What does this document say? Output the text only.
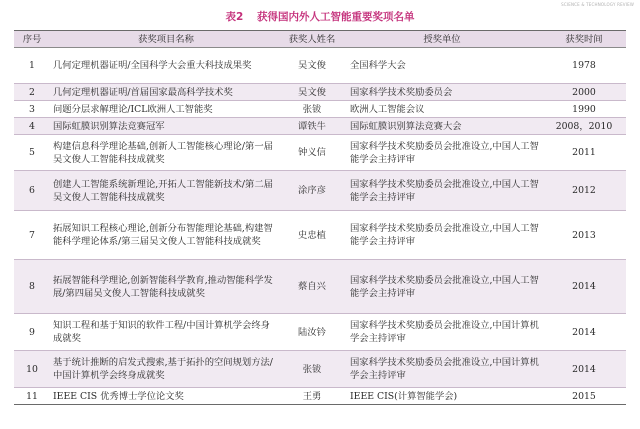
SCIENCE & TECHNOLOGY REVIEW
表2 获得国内外人工智能重要奖项名单
序号	获奖项目名称	获奖人姓名	授奖单位	获奖时间
1	几何定理机器证明/全国科学大会重大科技成果奖	吴文俊	全国科学大会	1978
2	几何定理机器证明/首届国家最高科学技术奖	吴文俊	国家科学技术奖励委员会	2000
3	问题分层求解理论/ICL欧洲人工智能奖	张钹	欧洲人工智能会议	1990
4	国际虹膜识别算法竞赛冠军	谭铁牛	国际虹膜识别算法竞赛大会	2008，2010
5	构建信息科学理论基础,创新人工智能核心理论/第一届吴文俊人工智能科技成就奖	钟义信	国家科学技术奖励委员会批准设立,中国人工智能学会主持评审	2011
6	创建人工智能系统新理论,开拓人工智能新技术/第二届吴文俊人工智能科技成就奖	涂序彦	国家科学技术奖励委员会批准设立,中国人工智能学会主持评审	2012
7	拓展知识工程核心理论,创新分布智能理论基础,构建智能科学理论体系/第三届吴文俊人工智能科技成就奖	史忠植	国家科学技术奖励委员会批准设立,中国人工智能学会主持评审	2013
8	拓展智能科学理论,创新智能科学教育,推动智能科学发展/第四届吴文俊人工智能科技成就奖	蔡自兴	国家科学技术奖励委员会批准设立,中国人工智能学会主持评审	2014
9	知识工程和基于知识的软件工程/中国计算机学会终身成就奖	陆汝钤	国家科学技术奖励委员会批准设立,中国计算机学会主持评审	2014
10	基于统计推断的启发式搜索,基于拓扑的空间规划方法/中国计算机学会终身成就奖	张钹	国家科学技术奖励委员会批准设立,中国计算机学会主持评审	2014
11	IEEE CIS 优秀博士学位论文奖	王勇	IEEE CIS(计算智能学会)	2015
